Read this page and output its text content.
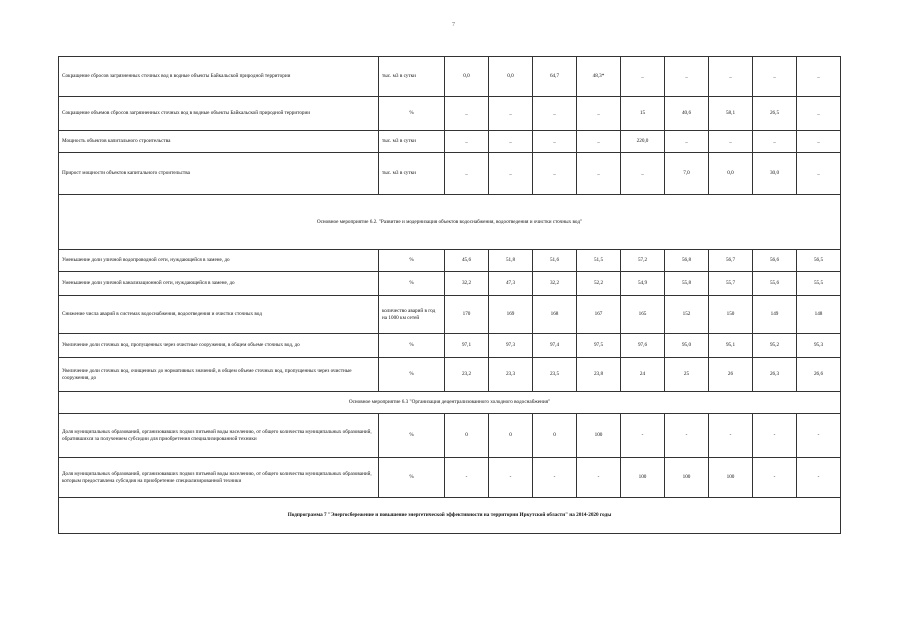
7
Сокращение сбросов загрязненных сточных вод в водные объекты Байкальской природной территории	тыс. м3 в сутки	0,0	0,0	64,7	48,3*	_	_	_	_	_
Сокращение объемов сбросов загрязненных сточных вод в водные объекты Байкальской природной территории	%	_	_	_	_	15	40,6	58,1	26,5	_
Мощность объектов капитального строительства	тыс. м3 в сутки	_	_	_	_	220,0	_	_	_	_
Прирост мощности объектов капитального строительства	тыс. м3 в сутки	_	_	_	_	_	7,0	0,0	30,0	_
Основное мероприятие 6.2. "Развитие и модернизация объектов водоснабжения, водоотведения и очистки сточных вод"										
Уменьшение доли уличной водопроводной сети, нуждающейся в замене, до	%	45,6	51,8	51,6	51,5	57,2	56,8	56,7	56,6	56,5
Уменьшение доли уличной канализационной сети, нуждающейся в замене, до	%	32,2	47,3	32,2	52,2	54,9	55,8	55,7	55,6	55,5
Снижение числа аварий в системах водоснабжения, водоотведения и очистки сточных вод	количество аварий в год на 1000 км сетей	170	169	168	167	165	152	150	149	148
Увеличение доли сточных вод, пропущенных через очистные сооружения, в общем объеме сточных вод, до	%	97,1	97,3	97,4	97,5	97,6	95,0	95,1	95,2	95,3
Увеличение доли сточных вод, очищенных до нормативных значений, в общем объеме сточных вод, пропущенных через очистные сооружения, до	%	23,2	23,3	23,5	23,8	24	25	26	26,3	26,6
Основное мероприятие 6.3 "Организация децентрализованного холодного водоснабжения"										
Доля муниципальных образований, организовавших подвоз питьевой воды населению, от общего количества муниципальных образований, обратившихся за получением субсидии для приобретения специализированной техники	%	0	0	0	100	-	-	-	-	-
Доля муниципальных образований, организовавших подвоз питьевой воды населению, от общего количества муниципальных образований, которым предоставлена субсидия на приобретение специализированной техники	%	-	-	-	-	100	100	100	-	-
Подпрограмма 7 "Энергосбережение и повышение энергетической эффективности на территории Иркутской области" на 2014-2020 годы										
